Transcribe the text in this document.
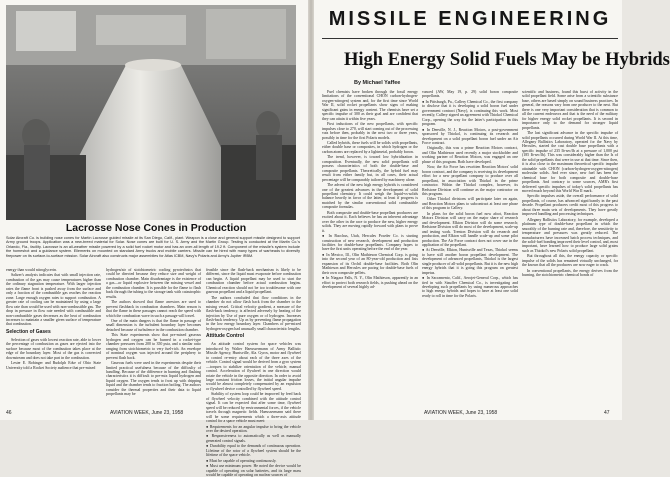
Lacrosse Nose Cones in Production
Solar Aircraft Co. is building nose cones for Martin Lacrosse guided missile at its San Diego, Calif., plant. Weapon is a close and general support missile designed to support Army ground troops. Application was a new-breed material for Solar. Nose cones are built for U. S. Army and the Martin Group. Testing is conducted at the Martin Co.'s Orlando, Fla., facility. Lacrosse is an all-weather missile powered by a solid fuel rocket motor and has an over-all length of 19.2 ft. Component of the missile's system include the homeshot and a guidance system. Ellements on mounted on standard Army trucks and mobile carriers. Missile can be hired with many types of warheads to diversify firepower on its surface-to-surface mission. Solar Aircraft also constructs major assemblies for Atlas ICBM, Navy's Polaris and Army's Jupiter IRBM.

energy than would nitroglycerin.

Saltzer's analysis indicates that with small injection rate, combustion of the gas may cause temperatures higher than the ordinary stagnation temperature. With larger injection rates the flame front is pushed away from the surface and only a fraction of the combustible gas reaches the reaction zone. Large enough oxygen rates to support combustion. A greater rate of cooling can be maintained by using a large flow rate than would be used with non-combustible gas. The drop in pressure in flow rate needed with combustible and non-combustible gases decreases as the heat of combustion increases to maintain a smaller given surface of temperature that combustion.

Selection of Gases

Selection of gases with lowest reaction rate, able to lower the percentage of combustion as gases are ejected into the surface because most of the combustion takes place at the edge of the boundary layer. Most of the gas is convected downstream and does not take part in the combustion.

Lester E. Robinger and Rudolph Edse of Ohio State University told a Rocket Society audience that pre-mixed

hydrogen/air of stoichiometric cooling pyrotechnics that could be directed because they reduce size and weight of combustion chamber. Main disadvantage is the existence of a gas—or liquid explosive between the missing vessel and the combustion chamber. It is possible for the flame to flash back through the tubing to the storage tank with catastrophic results.

The authors showed that flame arrestors are used to prevent flashback in combustion chambers. Main reason is that the flame in these passages cannot reach the speed with which the combustion wave in such a passage will travel.

One of the main dangers is that the flame in passage of small dimension is the turbulent boundary layer becomes detached because of turbulence in the combustion chamber.

This State experiments show that pre-mixed gaseous hydrogen and oxygen can be burned in a rocket-type chamber pressures from 200 to 350 psia, and a similar ratio ranging from stoichiometric to very fuel-rich. An envelope of nominal oxygen was injected around the periphery to prevent flash back.

Gaseous fuels were used in the experiments despite their limited practical usefulness because of the difficulty of handling. Because of the difference in burning and flashing characteristics it is difficult to pre-mix liquid hydrogen and liquid oxygen. The oxygen tends to frost up with dripping liquid and the chamber tends to fraction boiling. The authors consider the thermal properties and their data to liquid propellants may be

feasible since the flash-back mechanism is likely to be different, since the liquid must evaporate before combustion can begin. A liquid propellant may be used to start the combustion chamber before actual combustion begins. Chemical reaction should not be too troublesome with one gaseous propellant and a liquid propellant.

The authors concluded that flow conditions in the chamber do not allow flash back from the chamber to the mixing vessel. Critical velocity gradient, a measure of the flash-back tendency, is affected adversely by heating of the injection by Use of pure oxygen or of hydrogen. Increases flash-back tendency. Up as by preventing flame propagation in the low energy boundary layer. Chambers of pre-mixed hydrogen-oxygen had unusually small characteristic lengths.

Attitude Control

An attitude control system for space vehicles was introduced by Walter Haeussermann of Army Ballistic Missile Agency, Huntsville, Ala. Gyros, motor and flywheel to control re-entry about each of the three axes of the vehicle. Control signal would be derived from a gyro system—torques to stabilize orientation of the vehicle, manual control. Acceleration of flywheel in one direction would rotate the vehicle in the opposite direction. In order to avoid large constant friction losses, the initial angular impulse would be almost completely compensated by an expulsion or flywheel device controlled by flywheel speed.

Stability of system loop could be improved by feed back of flywheel velocity combined with the attitude control signal. It can be expected that after some time, flywheel speed will be reduced by environmental forces, if the vehicle travels through magnetic fields. Haeussermann said there will be some requirements which a three-axis attitude control for a space vehicle must meet:

● Requirements for an angular impulse to bring the vehicle over the desired operation.

● Responsiveness to automatically as well as manually generated control signals.

● Durability equal to the demands of continuous operation. Lifetime of the rotor of a flywheel system should be the lifetime of the space vehicle.

● Must be capable of operating continuously.

● Must use minimum power. He noted the device would be capable of operating on solar batteries, and its large mass would be capable of operating on nuclear sources of

46	AVIATION WEEK, June 23, 1958
MISSILE ENGINEERING
High Energy Solid Fuels May be Hybrids
By Michael Yaffee

Fuel chemists have broken through the fossil energy limitations of the conventional CHON carbon-hydrogen-oxygen-nitrogen) system and, for the first time since World War II, solid rocket propellants show signs of making significant gains in energy content. The chemists have set a specific impulse of 300 as their goal and are confident that they can attain it within five years.

First inductions of the new propellants, with specific impulses close to 270, will start coming out of the processing vats before then, probably in the next two or three years, possibly in time for the first Polaris models.

Called hybrids, these fuels will be solids with propellants, either double base or composites, in which hydrogen or the carbon atoms are replaced by a lightmetal, probably boron.

The trend, however, is toward low hybridization in composition. Eventually, the new solid propellants will possess characteristics of both the double-base and composite propellants. Theoretically, the hybrid fuel may result from either family but, in all cases, their actual percentage will be comparably tailored by machinery alone.

The advent of the new high energy hybrids is considered one of the greatest advances in the development of solid propellant chemistry. It could weigh the liquid-vs-solids balance heavily in favor of the latter, at least if progress is matched by the similar conventional solid combustible composite formulas.

Both composite and double-base propellant producers are excited about it. Each believes he has an inherent advantage over the other in the race to produce the new, higher energy solids. They are moving rapidly forward with plans to prove it.

● In Bacchus, Utah, Hercules Powder Co. is starting construction of new research, development and production facilities for double-base propellants. Company hopes to have the first units operating before the end of the year.

● In Mexico, Ill., Olin Mathieson Chemical Corp. is going into the second year of an 80-year-old production and lists expansion of its Orchil double-base facilities. Both Olin Mathieson and Hercules are pacing for double-base fuels of their own composite pellets.

● In Niagara Falls, N. Y., Olin Mathieson, apparently in an effort to protect both research fields, is pushing ahead on the development of several highly ad-

vanced (AW, May 19, p. 29) solid boron composite propellants.

● In Pittsburgh, Pa., Callery Chemical Co., the first company to disclose that it is developing a solid boron fuel under government contract (Navy), is continuing this work. Most recently, Callery signed an agreement with Thiokol Chemical Corp., opening the way for the latter's participation in this program.

● In Denville, N. J., Reaction Motors, a post-government sponsored by Thiokol, is continuing its research and development on a solid propellant boron fuel under an Air Force contract.

Originally, this was a prime Reaction Motors contract, and Olin Mathieson used recently a major stockholder and working partner of Reaction Motors, was engaged on one phase of this program. Both have developed.

Now, the Air Force has rewritten Reaction Motors' solid boron contract, and the company is receiving its development effort for a new propellant company to produce over all propellant, in association with Thiokol in the prime contractor. Within the Thiokol complex, however, its Redstone Division will continue as the major contractor on this program.

Other Thiokol divisions will participate later on again, and Reaction Motors plans to subcontract at least one phase of this program to Callery.

In plans for the solid boron fuel now afoot, Reaction Motors Division will carry on the major share of research and development. Elkton Division will do some research; Redstone Division will do most of the development, scale-up and testing work. Trenton Division will do research and production, and Elkton will handle scale-up and some pilot production. The Air Force contract does not cover use in the application of the propellant.

● At Denville, Elkton, Huntsville and Texas, Thiokol seems to have still another boron propellant development. The development of advanced propellants, Thiokol is the largest single producer of all-solid propellants. But it is the new high energy hybrids that it is going this program on greatest impetus.

● In Sacramento, Calif., Aerojet-General Corp., which has tied in with Stauffer Chemical Co., is investigating and developing such propellants by using numerous approaches to high energy hybrids and hopes to have at least one solid ready to roll in time for the Polaris.

scientific and business, found this burst of activity in the solid propellant field. Some arise from a scientific substance base, others are based simply on sound business practices. In general, the reasons vary from one producer to the next. But there is one very important consideration that is common to all the current endeavors and that is the need of the military for higher energy solid rocket propellants. It is second in importance only to the demand for stronger liquid propellants.

The last significant advance in the specific impulse of solid propellants occurred during World War II. At this time, Allegany Ballistics Laboratory, operated for the Navy by Hercules, started the cast double base propellants with a specific impulse of 235 lb-sec/lb at a pressure of 1,000 psi (185 lb-sec/lb). This was considerably higher than the Is of the solid propellants that were in use at that time. Since then, it is also close to the maximum theoretical specific impulse attainable with CHON (carbon-hydrogen-oxygen-nitrogen) molecular solids. And ever since, new fuel has been the chemical base for both composite and double-base propellants. And contrary to some sources, AMR's first delivered specific impulses of today's solid propellants has moved much beyond this World War II mark.

Specific impulses aside, the overall performance of solid propellants, of course, has advanced significantly in the past decade. Propellant producers credit most of this progress to about three main sets of developments. They have greatly improved handling and processing techniques.

Allegany Ballistics Laboratory, for example, developed a platinum type of double-base propellant in which the smoothly of the burning rate and, therefore, the sensitivity to temperature and pressures was greatly reduced. The manufacturers have increased batch process techniques, and the solid-fuel bonding improved their level control, and, most important, have learned how to produce large solid grains such as Thiokol's new Polaris solid propellant.

But throughout all this, the energy capacity or specific impulse of the solids has remained virtually unchanged, for the known that all the producers are now eager to crack.

In conventional propellants, the energy derives from the burning, the stoichiometric chemical bonds of

AVIATION WEEK, June 23, 1958	47
